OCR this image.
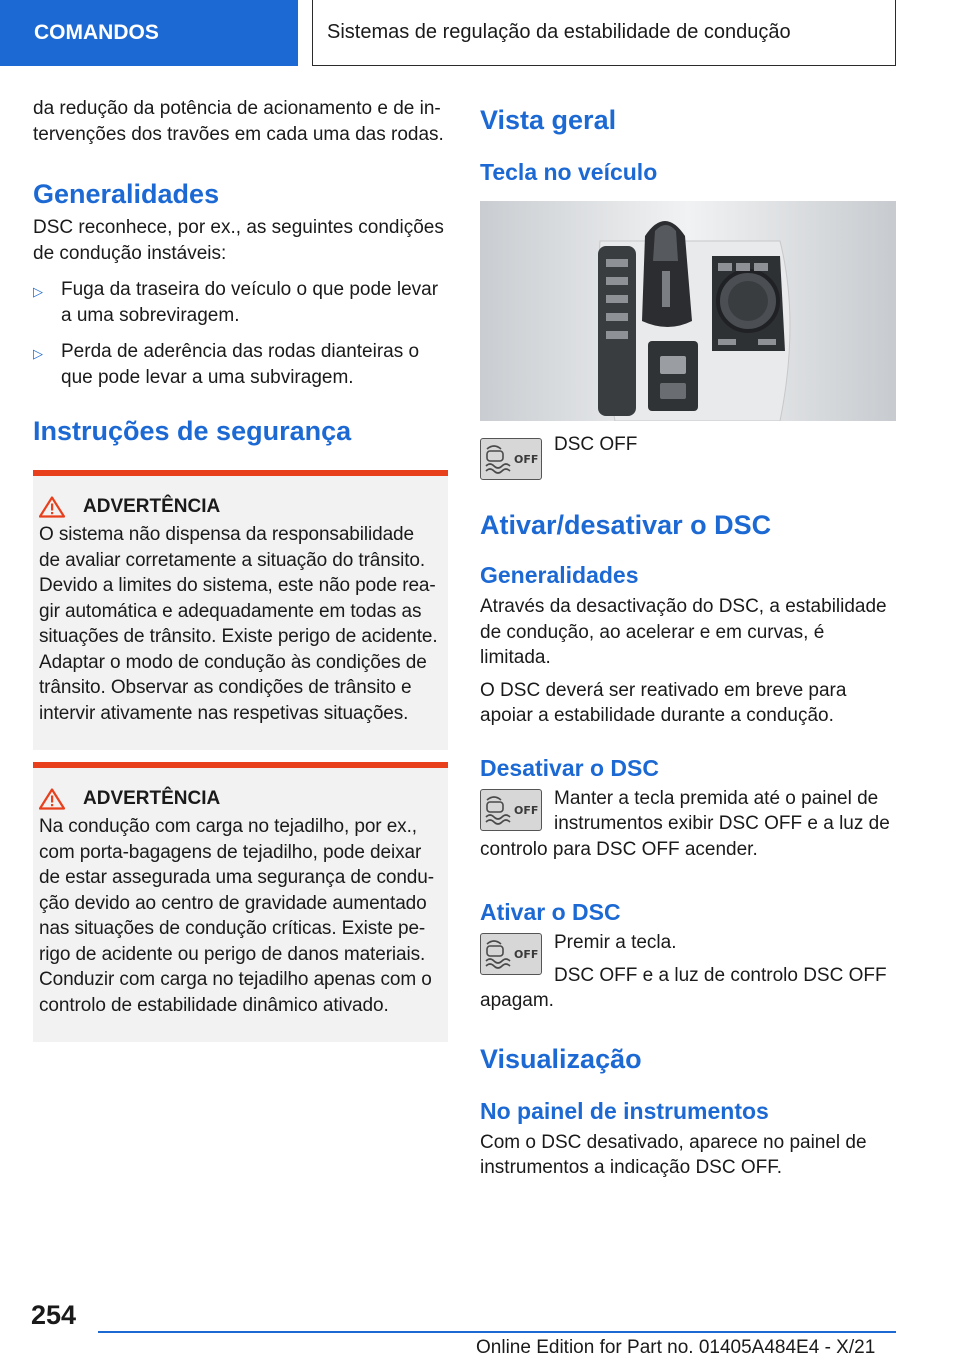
COMANDOS	Sistemas de regulação da estabilidade de condução

da redução da potência de acionamento e de in-

tervenções dos travões em cada uma das rodas.

Generalidades

DSC reconhece, por ex., as seguintes condições

de condução instáveis:

▷ Fuga da traseira do veículo o que pode levar

a uma sobreviragem.

▷ Perda de aderência das rodas dianteiras o

que pode levar a uma subviragem.

Instruções de segurança
ADVERTÊNCIA

O sistema não dispensa da responsabilidade

de avaliar corretamente a situação do trânsito.

Devido a limites do sistema, este não pode rea-

gir automática e adequadamente em todas as

situações de trânsito. Existe perigo de acidente.

Adaptar o modo de condução às condições de

trânsito. Observar as condições de trânsito e

intervir ativamente nas respetivas situações.

ADVERTÊNCIA

Na condução com carga no tejadilho, por ex.,

com porta-bagagens de tejadilho, pode deixar

de estar assegurada uma segurança de condu-

ção devido ao centro de gravidade aumentado

nas situações de condução críticas. Existe pe-

rigo de acidente ou perigo de danos materiais.

Conduzir com carga no tejadilho apenas com o

controlo de estabilidade dinâmico ativado.

Vista geral
Tecla no veículo
OFF

DSC OFF

Ativar/desativar o DSC
Generalidades

Através da desactivação do DSC, a estabilidade

de condução, ao acelerar e em curvas, é limitada.

O DSC deverá ser reativado em breve para

apoiar a estabilidade durante a condução.

Desativar o DSC
OFF

Manter a tecla premida até o painel de

instrumentos exibir DSC OFF e a luz de

controlo para DSC OFF acender.

Ativar o DSC
OFF

Premir a tecla.

DSC OFF e a luz de controlo DSC OFF

apagam.

Visualização
No painel de instrumentos

Com o DSC desativado, aparece no painel de

instrumentos a indicação DSC OFF.

254
Online Edition for Part no. 01405A484E4 - X/21
